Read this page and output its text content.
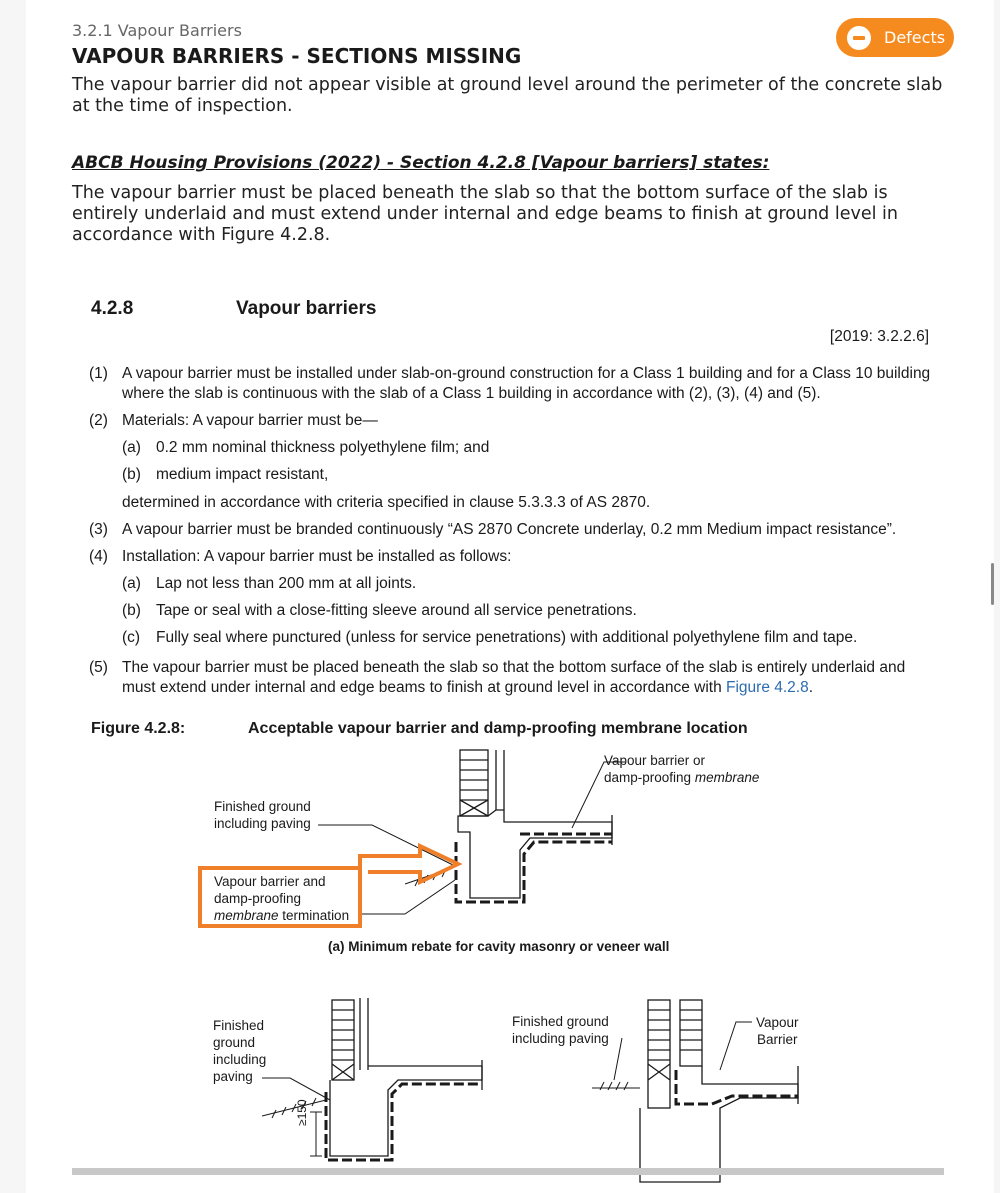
3.2.1 Vapour Barriers	Defects
VAPOUR BARRIERS - SECTIONS MISSING
The vapour barrier did not appear visible at ground level around the perimeter of the concrete slab at the time of inspection.
ABCB Housing Provisions (2022) - Section 4.2.8 [Vapour barriers] states:
The vapour barrier must be placed beneath the slab so that the bottom surface of the slab is entirely underlaid and must extend under internal and edge beams to finish at ground level in accordance with Figure 4.2.8.
4.2.8	Vapour barriers
[2019: 3.2.2.6]
(1) A vapour barrier must be installed under slab-on-ground construction for a Class 1 building and for a Class 10 building where the slab is continuous with the slab of a Class 1 building in accordance with (2), (3), (4) and (5).
(2) Materials: A vapour barrier must be—
(a) 0.2 mm nominal thickness polyethylene film; and
(b) medium impact resistant,
determined in accordance with criteria specified in clause 5.3.3.3 of AS 2870.
(3) A vapour barrier must be branded continuously “AS 2870 Concrete underlay, 0.2 mm Medium impact resistance”.
(4) Installation: A vapour barrier must be installed as follows:
(a) Lap not less than 200 mm at all joints.
(b) Tape or seal with a close-fitting sleeve around all service penetrations.
(c) Fully seal where punctured (unless for service penetrations) with additional polyethylene film and tape.
(5) The vapour barrier must be placed beneath the slab so that the bottom surface of the slab is entirely underlaid and must extend under internal and edge beams to finish at ground level in accordance with Figure 4.2.8.
Figure 4.2.8:	Acceptable vapour barrier and damp-proofing membrane location
Vapour barrier or
damp-proofing membrane
Finished ground
including paving
Vapour barrier and
damp-proofing
membrane termination
(a) Minimum rebate for cavity masonry or veneer wall
Finished
ground
including
paving
≥150
Finished ground
including paving
Vapour
Barrier
